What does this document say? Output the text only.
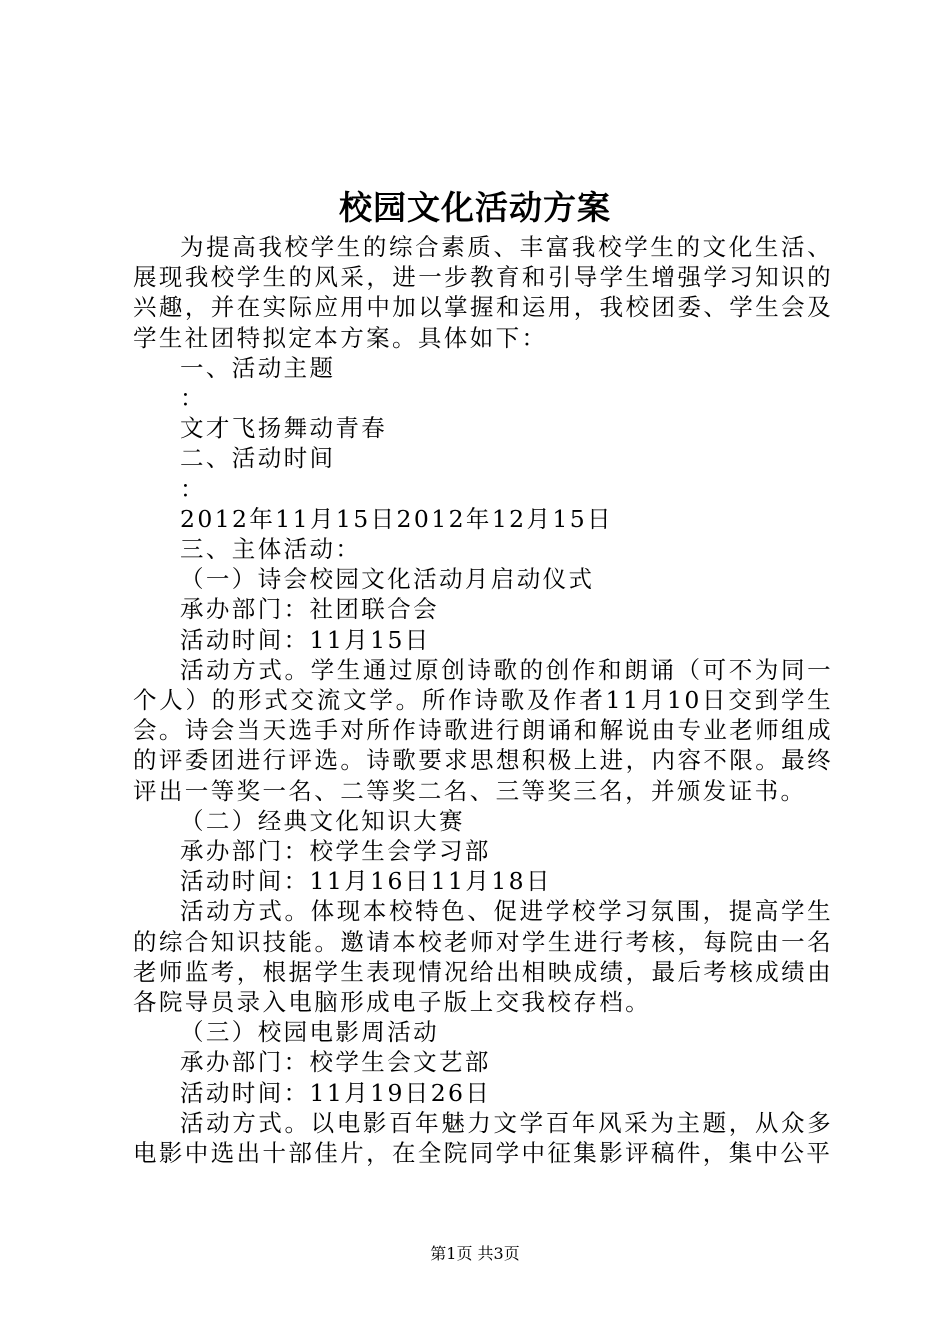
校园文化活动方案

为提高我校学生的综合素质、丰富我校学生的文化生活、展现我校学生的风采，进一步教育和引导学生增强学习知识的兴趣，并在实际应用中加以掌握和运用，我校团委、学生会及学生社团特拟定本方案。具体如下：

一、活动主题

：

文才飞扬舞动青春

二、活动时间

：

2012年11月15日2012年12月15日

三、主体活动：

（一）诗会校园文化活动月启动仪式

承办部门：社团联合会

活动时间：11月15日

活动方式。学生通过原创诗歌的创作和朗诵（可不为同一个人）的形式交流文学。所作诗歌及作者11月10日交到学生会。诗会当天选手对所作诗歌进行朗诵和解说由专业老师组成的评委团进行评选。诗歌要求思想积极上进，内容不限。最终评出一等奖一名、二等奖二名、三等奖三名，并颁发证书。

（二）经典文化知识大赛

承办部门：校学生会学习部

活动时间：11月16日11月18日

活动方式。体现本校特色、促进学校学习氛围，提高学生的综合知识技能。邀请本校老师对学生进行考核，每院由一名老师监考，根据学生表现情况给出相映成绩，最后考核成绩由各院导员录入电脑形成电子版上交我校存档。

（三）校园电影周活动

承办部门：校学生会文艺部

活动时间：11月19日26日

活动方式。以电影百年魅力文学百年风采为主题，从众多电影中选出十部佳片，在全院同学中征集影评稿件，集中公平

第1页 共3页
